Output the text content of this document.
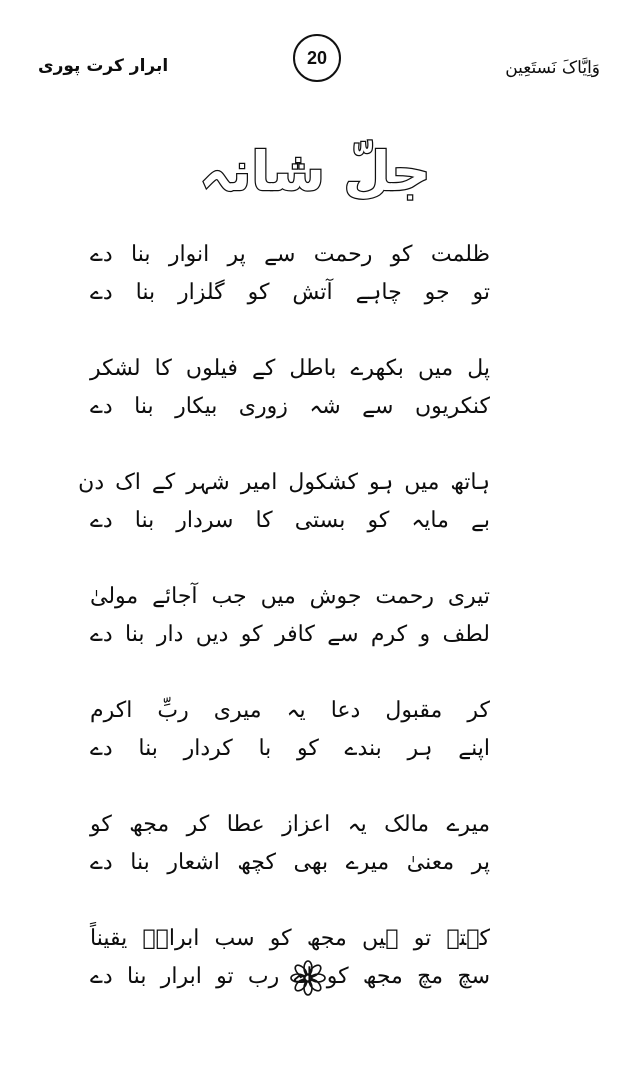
ابرار کرت پوری	20
وَاِیَّاکَ نَستَعِین
جلّ شانہ
ظلمت کو رحمت سے پر انوار بنا دے
تو جو چاہے آتش کو گلزار بنا دے
پل میں بکھرے باطل کے فیلوں کا لشکر
کنکریوں سے شہ زوری بیکار بنا دے
ہاتھ میں ہو کشکول امیر شہر کے اک دن
بے مایہ کو بستی کا سردار بنا دے
تیری رحمت جوش میں جب آجائے مولیٰ
لطف و کرم سے کافر کو دیں دار بنا دے
کر مقبول دعا یہ میری ربِّ اکرم
اپنے ہر بندے کو با کردار بنا دے
میرے مالک یہ اعزاز عطا کر مجھ کو
پر معنیٰ میرے بھی کچھ اشعار بنا دے
کہتے تو ہیں مجھ کو سب ابرارؔ یقیناً
سچ مچ مجھ کو اے رب تو ابرار بنا دے
